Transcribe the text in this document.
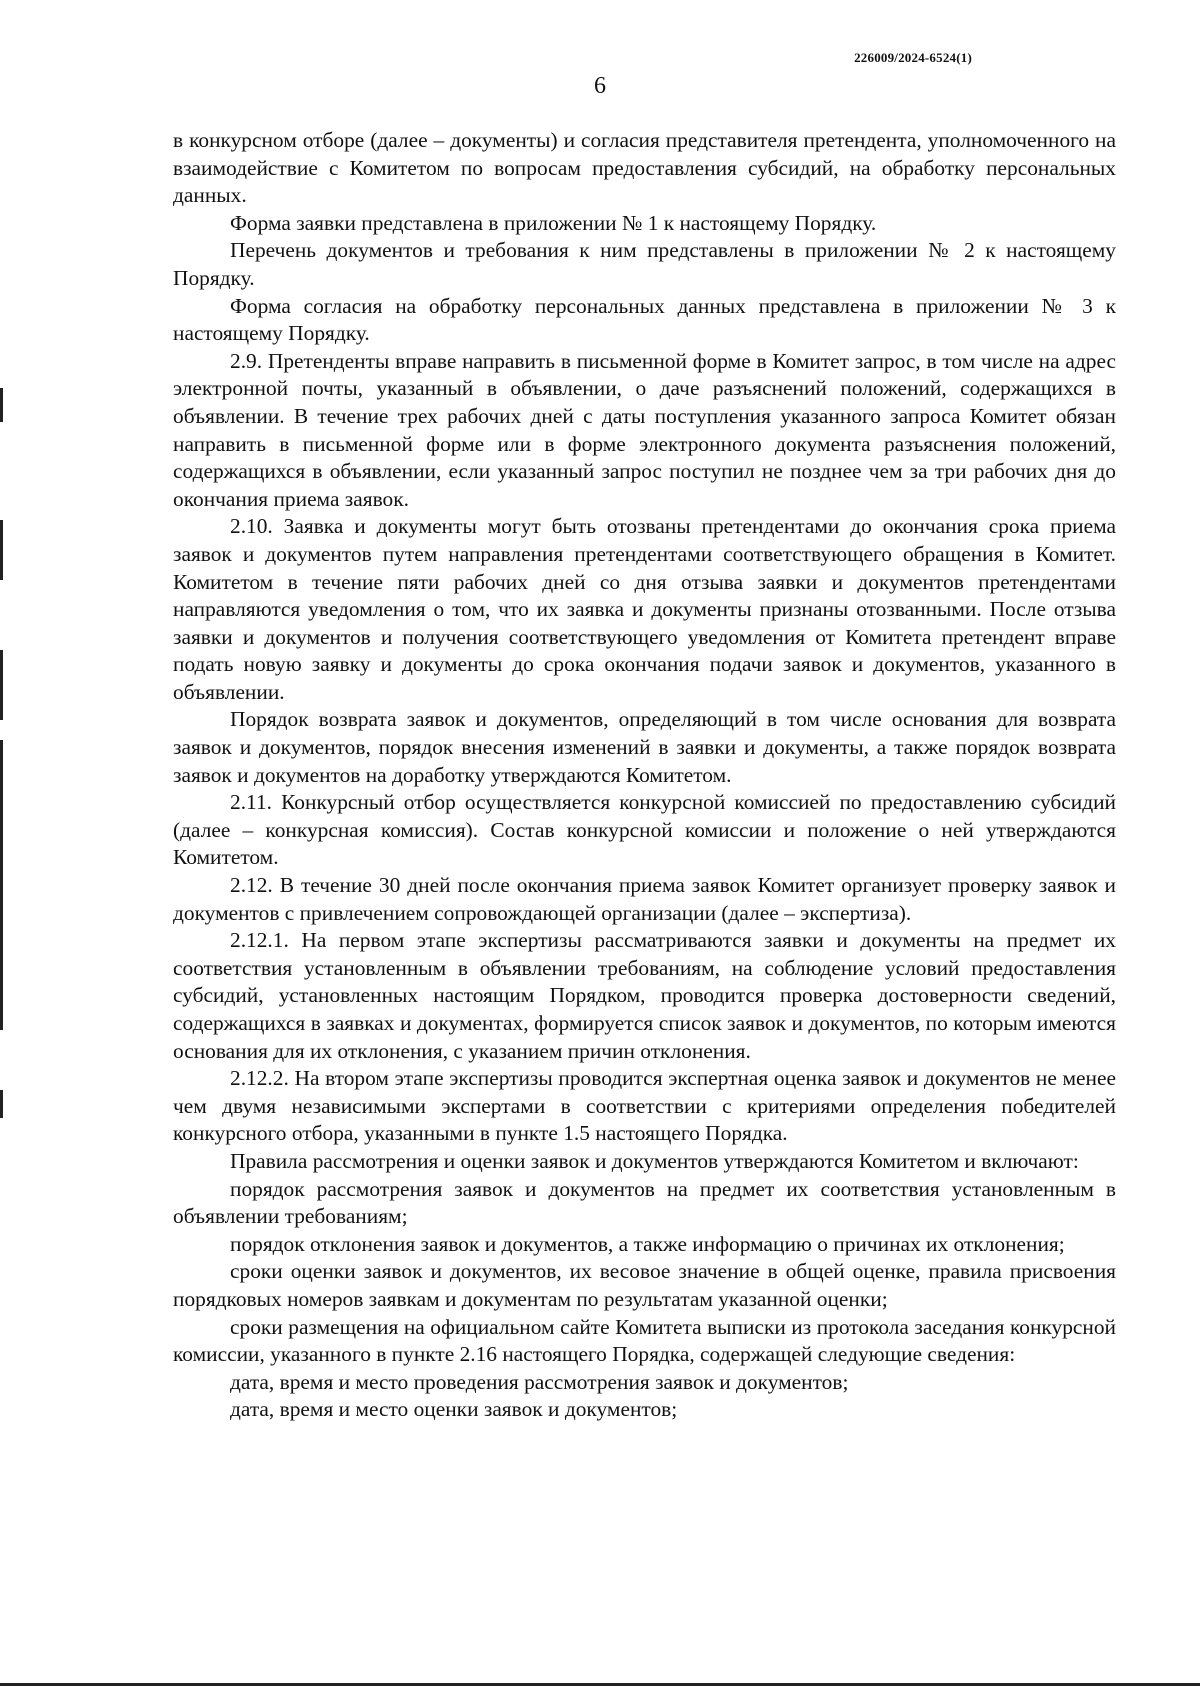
226009/2024-6524(1)
6

в конкурсном отборе (далее – документы) и согласия представителя претендента, уполномоченного на взаимодействие с Комитетом по вопросам предоставления субсидий, на обработку персональных данных.

Форма заявки представлена в приложении № 1 к настоящему Порядку.

Перечень документов и требования к ним представлены в приложении № 2 к настоящему Порядку.

Форма согласия на обработку персональных данных представлена в приложении № 3 к настоящему Порядку.

2.9. Претенденты вправе направить в письменной форме в Комитет запрос, в том числе на адрес электронной почты, указанный в объявлении, о даче разъяснений положений, содержащихся в объявлении. В течение трех рабочих дней с даты поступления указанного запроса Комитет обязан направить в письменной форме или в форме электронного документа разъяснения положений, содержащихся в объявлении, если указанный запрос поступил не позднее чем за три рабочих дня до окончания приема заявок.

2.10. Заявка и документы могут быть отозваны претендентами до окончания срока приема заявок и документов путем направления претендентами соответствующего обращения в Комитет. Комитетом в течение пяти рабочих дней со дня отзыва заявки и документов претендентами направляются уведомления о том, что их заявка и документы признаны отозванными. После отзыва заявки и документов и получения соответствующего уведомления от Комитета претендент вправе подать новую заявку и документы до срока окончания подачи заявок и документов, указанного в объявлении.

Порядок возврата заявок и документов, определяющий в том числе основания для возврата заявок и документов, порядок внесения изменений в заявки и документы, а также порядок возврата заявок и документов на доработку утверждаются Комитетом.

2.11. Конкурсный отбор осуществляется конкурсной комиссией по предоставлению субсидий (далее – конкурсная комиссия). Состав конкурсной комиссии и положение о ней утверждаются Комитетом.

2.12. В течение 30 дней после окончания приема заявок Комитет организует проверку заявок и документов с привлечением сопровождающей организации (далее – экспертиза).

2.12.1. На первом этапе экспертизы рассматриваются заявки и документы на предмет их соответствия установленным в объявлении требованиям, на соблюдение условий предоставления субсидий, установленных настоящим Порядком, проводится проверка достоверности сведений, содержащихся в заявках и документах, формируется список заявок и документов, по которым имеются основания для их отклонения, с указанием причин отклонения.

2.12.2. На втором этапе экспертизы проводится экспертная оценка заявок и документов не менее чем двумя независимыми экспертами в соответствии с критериями определения победителей конкурсного отбора, указанными в пункте 1.5 настоящего Порядка.

Правила рассмотрения и оценки заявок и документов утверждаются Комитетом и включают:

порядок рассмотрения заявок и документов на предмет их соответствия установленным в объявлении требованиям;

порядок отклонения заявок и документов, а также информацию о причинах их отклонения;

сроки оценки заявок и документов, их весовое значение в общей оценке, правила присвоения порядковых номеров заявкам и документам по результатам указанной оценки;

сроки размещения на официальном сайте Комитета выписки из протокола заседания конкурсной комиссии, указанного в пункте 2.16 настоящего Порядка, содержащей следующие сведения:

дата, время и место проведения рассмотрения заявок и документов;

дата, время и место оценки заявок и документов;
